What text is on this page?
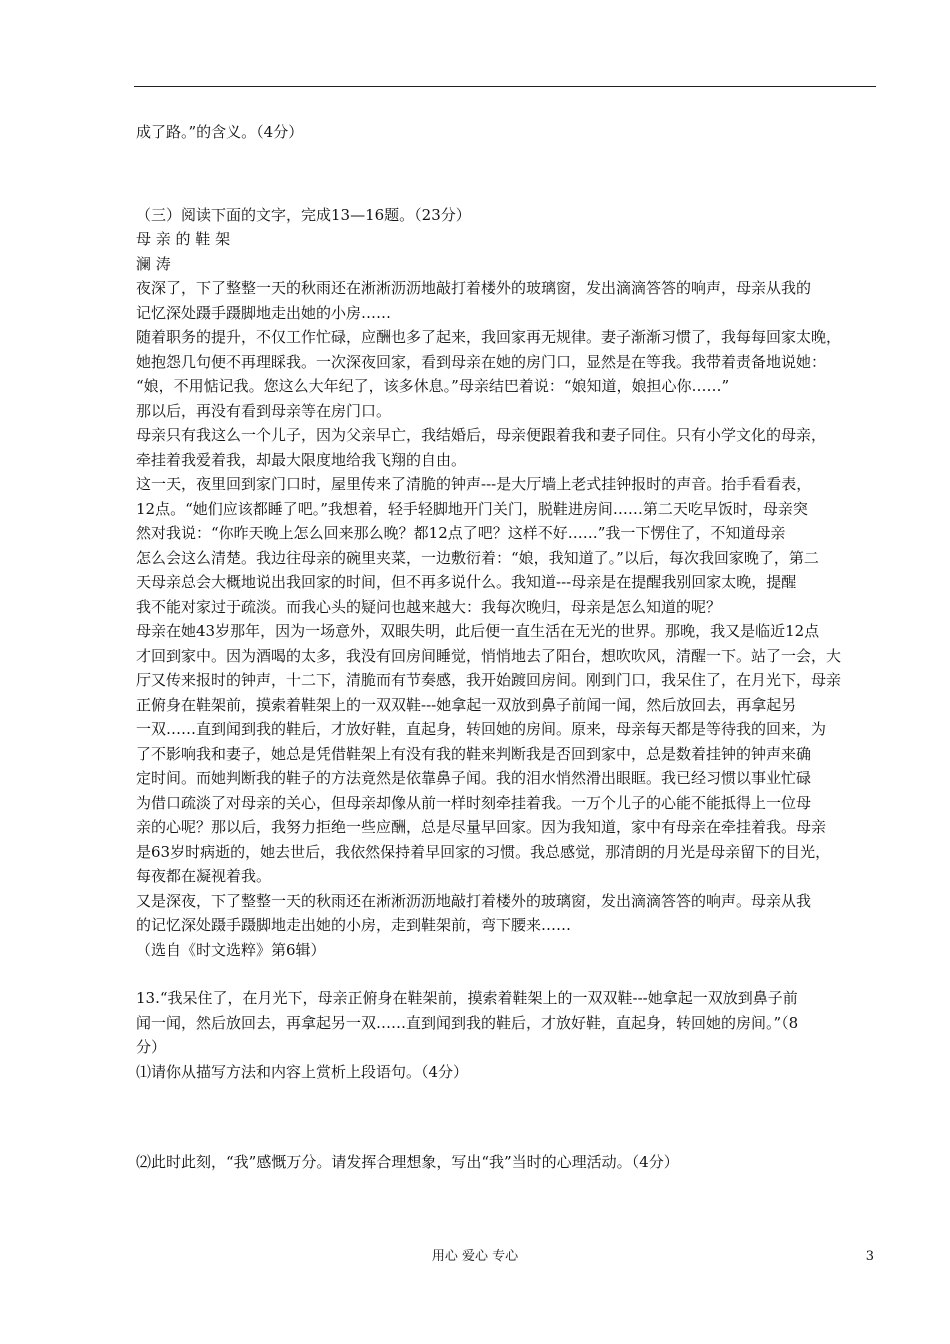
成了路。”的含义。（4分）
（三）阅读下面的文字，完成13—16题。（23分）
母 亲 的 鞋 架
澜 涛
夜深了，下了整整一天的秋雨还在淅淅沥沥地敲打着楼外的玻璃窗，发出滴滴答答的响声，母亲从我的
记忆深处蹑手蹑脚地走出她的小房……
随着职务的提升，不仅工作忙碌，应酬也多了起来，我回家再无规律。妻子渐渐习惯了，我每每回家太晚，
她抱怨几句便不再理睬我。一次深夜回家，看到母亲在她的房门口，显然是在等我。我带着责备地说她：
“娘，不用惦记我。您这么大年纪了，该多休息。”母亲结巴着说：“娘知道，娘担心你……”
那以后，再没有看到母亲等在房门口。
母亲只有我这么一个儿子，因为父亲早亡，我结婚后，母亲便跟着我和妻子同住。只有小学文化的母亲，
牵挂着我爱着我，却最大限度地给我飞翔的自由。
这一天，夜里回到家门口时，屋里传来了清脆的钟声---是大厅墙上老式挂钟报时的声音。抬手看看表，
12点。“她们应该都睡了吧。”我想着，轻手轻脚地开门关门，脱鞋进房间……第二天吃早饭时，母亲突
然对我说：“你昨天晚上怎么回来那么晚？都12点了吧？这样不好……”我一下愣住了，不知道母亲
怎么会这么清楚。我边往母亲的碗里夹菜，一边敷衍着：“娘，我知道了。”以后，每次我回家晚了，第二
天母亲总会大概地说出我回家的时间，但不再多说什么。我知道---母亲是在提醒我别回家太晚，提醒
我不能对家过于疏淡。而我心头的疑问也越来越大：我每次晚归，母亲是怎么知道的呢？
母亲在她43岁那年，因为一场意外，双眼失明，此后便一直生活在无光的世界。那晚，我又是临近12点
才回到家中。因为酒喝的太多，我没有回房间睡觉，悄悄地去了阳台，想吹吹风，清醒一下。站了一会，大
厅又传来报时的钟声，十二下，清脆而有节奏感，我开始踱回房间。刚到门口，我呆住了，在月光下，母亲
正俯身在鞋架前，摸索着鞋架上的一双双鞋---她拿起一双放到鼻子前闻一闻，然后放回去，再拿起另
一双……直到闻到我的鞋后，才放好鞋，直起身，转回她的房间。原来，母亲每天都是等待我的回来，为
了不影响我和妻子，她总是凭借鞋架上有没有我的鞋来判断我是否回到家中，总是数着挂钟的钟声来确
定时间。而她判断我的鞋子的方法竟然是依靠鼻子闻。我的泪水悄然滑出眼眶。我已经习惯以事业忙碌
为借口疏淡了对母亲的关心，但母亲却像从前一样时刻牵挂着我。一万个儿子的心能不能抵得上一位母
亲的心呢？那以后，我努力拒绝一些应酬，总是尽量早回家。因为我知道，家中有母亲在牵挂着我。母亲
是63岁时病逝的，她去世后，我依然保持着早回家的习惯。我总感觉，那清朗的月光是母亲留下的目光，
每夜都在凝视着我。
又是深夜，下了整整一天的秋雨还在淅淅沥沥地敲打着楼外的玻璃窗，发出滴滴答答的响声。母亲从我
的记忆深处蹑手蹑脚地走出她的小房，走到鞋架前，弯下腰来……
（选自《时文选粹》第6辑）
13.“我呆住了，在月光下，母亲正俯身在鞋架前，摸索着鞋架上的一双双鞋---她拿起一双放到鼻子前
闻一闻，然后放回去，再拿起另一双……直到闻到我的鞋后，才放好鞋，直起身，转回她的房间。”（8
分）
⑴请你从描写方法和内容上赏析上段语句。（4分）
⑵此时此刻，“我”感慨万分。请发挥合理想象，写出“我”当时的心理活动。（4分）
用心 爱心 专心	3
